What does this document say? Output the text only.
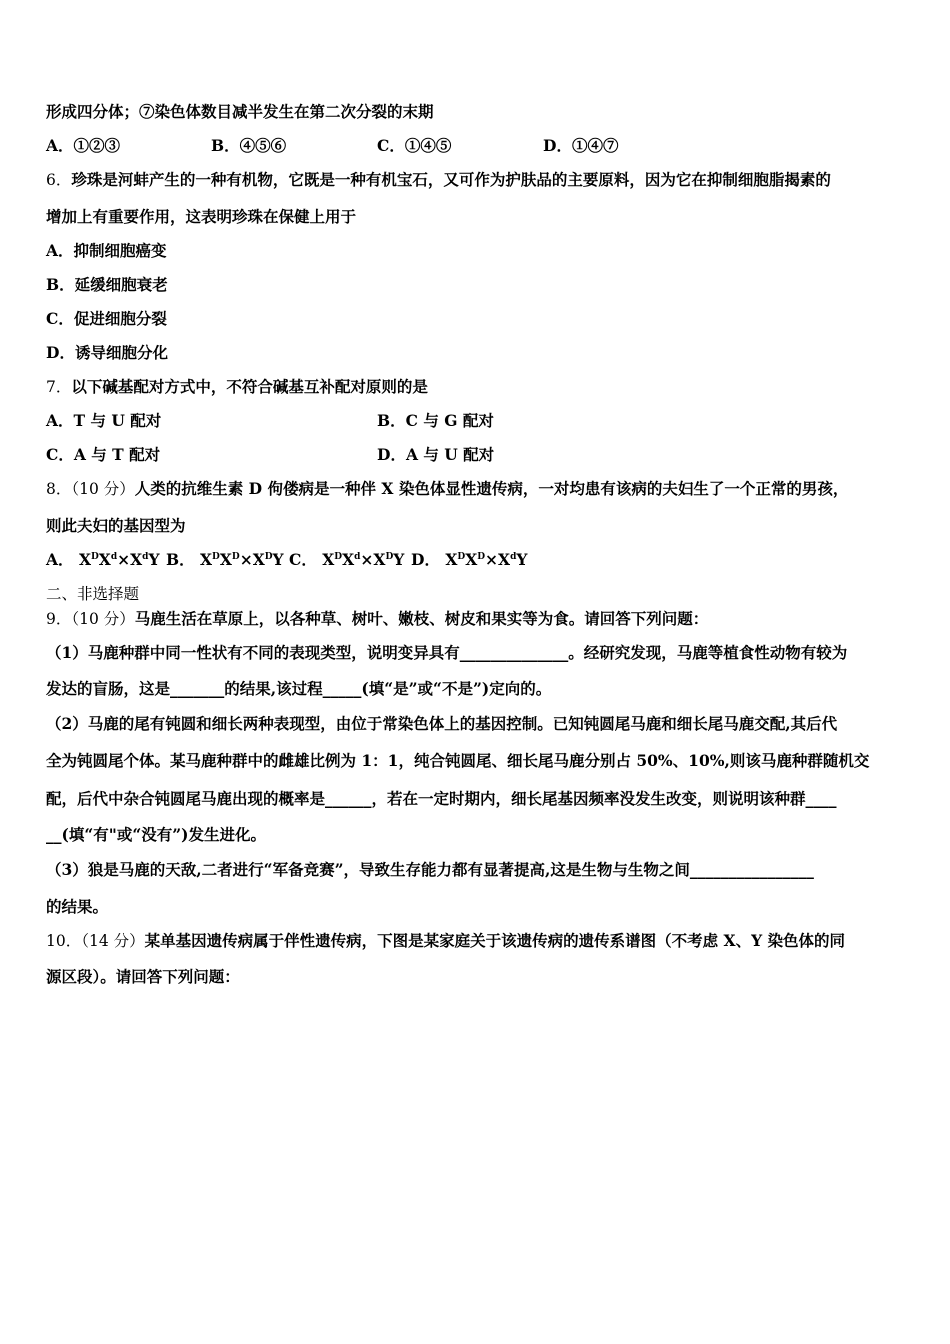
形成四分体；⑦染色体数目减半发生在第二次分裂的末期
A．①②③	B．④⑤⑥	C．①④⑤	D．①④⑦
6．珍珠是河蚌产生的一种有机物，它既是一种有机宝石，又可作为护肤品的主要原料，因为它在抑制细胞脂揭素的
增加上有重要作用，这表明珍珠在保健上用于
A．抑制细胞癌变
B．延缓细胞衰老
C．促进细胞分裂
D．诱导细胞分化
7．以下碱基配对方式中，不符合碱基互补配对原则的是
A．T 与 U 配对	B．C 与 G 配对
C．A 与 T 配对	D．A 与 U 配对
8．（10 分）人类的抗维生素 D 佝偻病是一种伴 X 染色体显性遗传病，一对均患有该病的夫妇生了一个正常的男孩，
则此夫妇的基因型为
A． $X^DX^d\times X^dY$ B． $X^DX^D\times X^DY$ C． $X^DX^d\times X^DY$ D． $X^DX^D\times X^dY$
二、非选择题
9．（10 分）马鹿生活在草原上，以各种草、树叶、嫩枝、树皮和果实等为食。请回答下列问题：
（1）马鹿种群中同一性状有不同的表现类型，说明变异具有______________。经研究发现，马鹿等植食性动物有较为
发达的盲肠，这是_______的结果,该过程_____(填“是”或“不是”)定向的。
（2）马鹿的尾有钝圆和细长两种表现型，由位于常染色体上的基因控制。已知钝圆尾马鹿和细长尾马鹿交配,其后代
全为钝圆尾个体。某马鹿种群中的雌雄比例为 1：1，纯合钝圆尾、细长尾马鹿分别占 50%、10%,则该马鹿种群随机交
配，后代中杂合钝圆尾马鹿出现的概率是______，若在一定时期内，细长尾基因频率没发生改变，则说明该种群____
__(填“有"或“没有”)发生进化。
（3）狼是马鹿的天敌,二者进行“军备竞赛”，导致生存能力都有显著提高,这是生物与生物之间________________
的结果。
10．（14 分）某单基因遗传病属于伴性遗传病，下图是某家庭关于该遗传病的遗传系谱图（不考虑 X、Y 染色体的同
源区段）。请回答下列问题：
